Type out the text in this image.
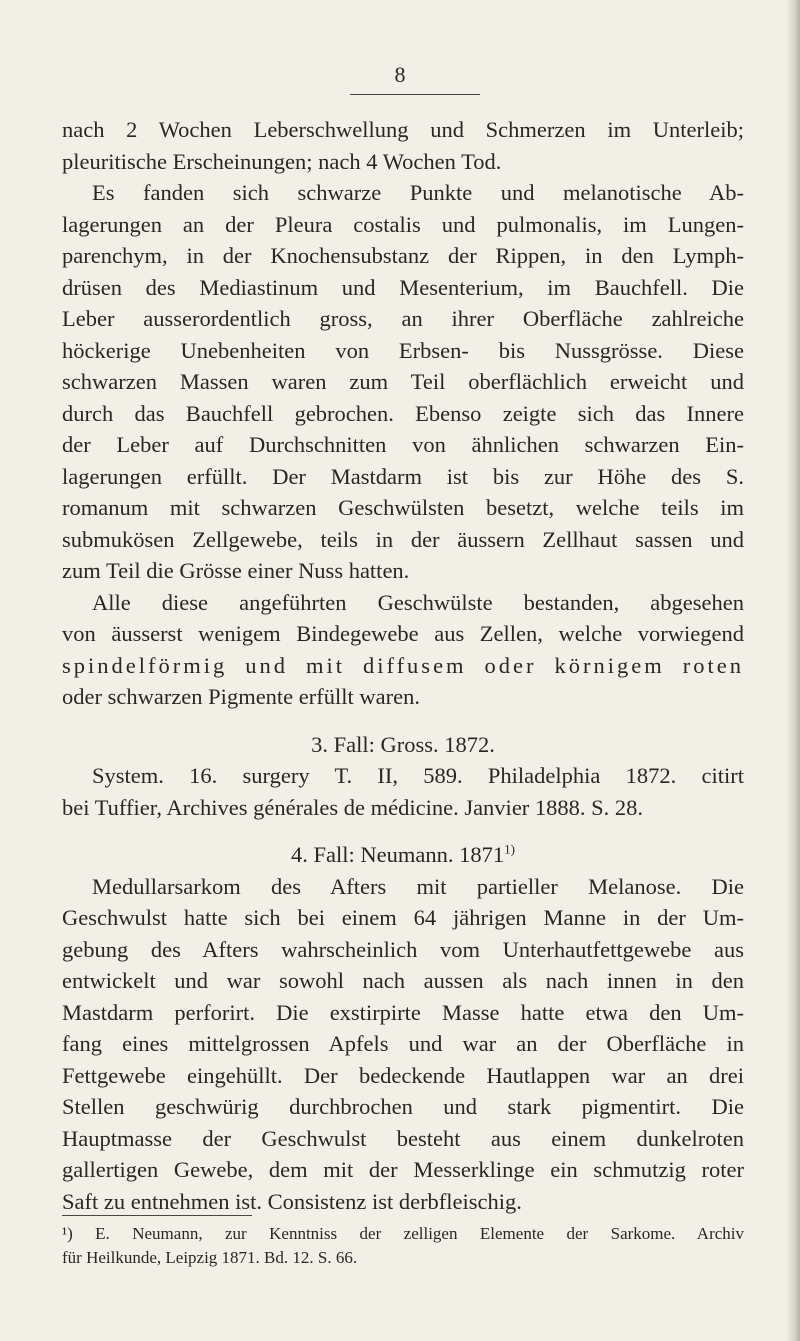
8
nach 2 Wochen Leberschwellung und Schmerzen im Unterleib;
pleuritische Erscheinungen; nach 4 Wochen Tod.
Es fanden sich schwarze Punkte und melanotische Ab-
lagerungen an der Pleura costalis und pulmonalis, im Lungen-
parenchym, in der Knochensubstanz der Rippen, in den Lymph-
drüsen des Mediastinum und Mesenterium, im Bauchfell. Die
Leber ausserordentlich gross, an ihrer Oberfläche zahlreiche
höckerige Unebenheiten von Erbsen- bis Nussgrösse. Diese
schwarzen Massen waren zum Teil oberflächlich erweicht und
durch das Bauchfell gebrochen. Ebenso zeigte sich das Innere
der Leber auf Durchschnitten von ähnlichen schwarzen Ein-
lagerungen erfüllt. Der Mastdarm ist bis zur Höhe des S.
romanum mit schwarzen Geschwülsten besetzt, welche teils im
submukösen Zellgewebe, teils in der äussern Zellhaut sassen und
zum Teil die Grösse einer Nuss hatten.
Alle diese angeführten Geschwülste bestanden, abgesehen
von äusserst wenigem Bindegewebe aus Zellen, welche vorwiegend
spindelförmig und mit diffusem oder körnigem roten
oder schwarzen Pigmente erfüllt waren.
3. Fall: Gross. 1872.
System. 16. surgery T. II, 589. Philadelphia 1872. citirt
bei Tuffier, Archives générales de médicine. Janvier 1888. S. 28.
4. Fall: Neumann. 1871$^{1)}$
Medullarsarkom des Afters mit partieller Melanose. Die
Geschwulst hatte sich bei einem 64 jährigen Manne in der Um-
gebung des Afters wahrscheinlich vom Unterhautfettgewebe aus
entwickelt und war sowohl nach aussen als nach innen in den
Mastdarm perforirt. Die exstirpirte Masse hatte etwa den Um-
fang eines mittelgrossen Apfels und war an der Oberfläche in
Fettgewebe eingehüllt. Der bedeckende Hautlappen war an drei
Stellen geschwürig durchbrochen und stark pigmentirt. Die
Hauptmasse der Geschwulst besteht aus einem dunkelroten
gallertigen Gewebe, dem mit der Messerklinge ein schmutzig roter
Saft zu entnehmen ist. Consistenz ist derbfleischig.
¹) E. Neumann, zur Kenntniss der zelligen Elemente der Sarkome. Archiv
für Heilkunde, Leipzig 1871. Bd. 12. S. 66.
